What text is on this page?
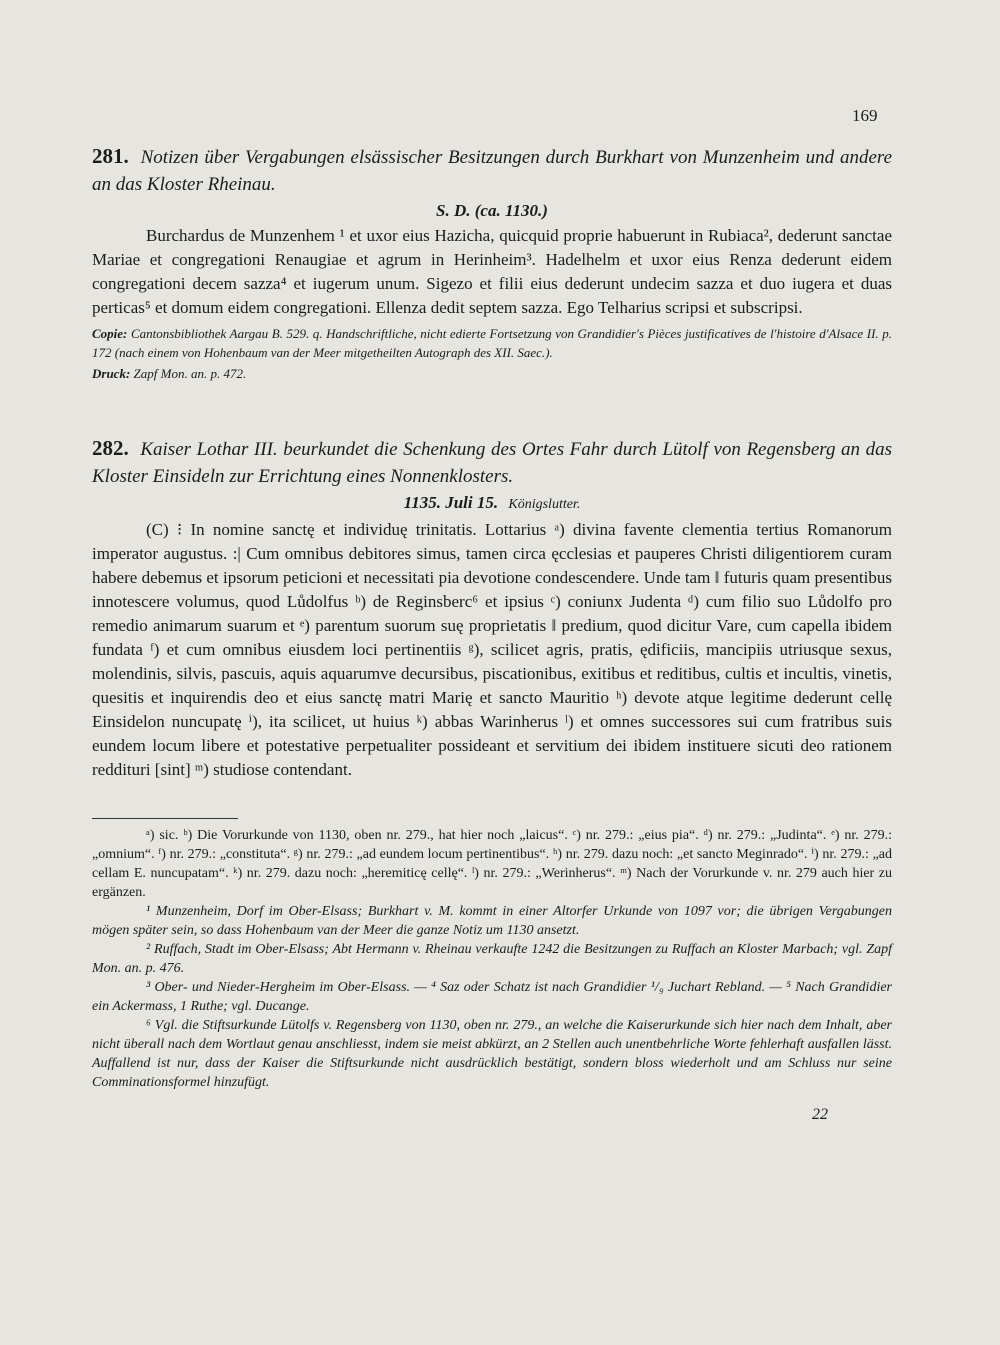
169
281. Notizen über Vergabungen elsässischer Besitzungen durch Burkhart von Munzenheim und andere an das Kloster Rheinau.
S. D. (ca. 1130.)

Burchardus de Munzenhem ¹ et uxor eius Hazicha, quicquid proprie habuerunt in Rubiaca², dederunt sanctae Mariae et congregationi Renaugiae et agrum in Herinheim³. Hadelhelm et uxor eius Renza dederunt eidem congregationi decem sazza⁴ et iugerum unum. Sigezo et filii eius dederunt undecim sazza et duo iugera et duas perticas⁵ et domum eidem congregationi. Ellenza dedit septem sazza. Ego Telharius scripsi et subscripsi.

Copie: Cantonsbibliothek Aargau B. 529. q. Handschriftliche, nicht edierte Fortsetzung von Grandidier's Pièces justificatives de l'histoire d'Alsace II. p. 172 (nach einem von Hohenbaum van der Meer mitgetheilten Autograph des XII. Saec.).
Druck: Zapf Mon. an. p. 472.
282. Kaiser Lothar III. beurkundet die Schenkung des Ortes Fahr durch Lütolf von Regensberg an das Kloster Einsideln zur Errichtung eines Nonnenklosters.
1135. Juli 15. Königslutter.

(C) ⁝ In nomine sanctę et individuę trinitatis. Lottarius ᵃ) divina favente clementia tertius Romanorum imperator augustus. :| Cum omnibus debitores simus, tamen circa ęcclesias et pauperes Christi diligentiorem curam habere debemus et ipsorum peticioni et necessitati pia devotione condescendere. Unde tam ‖ futuris quam presentibus innotescere volumus, quod Lůdolfus ᵇ) de Reginsberc⁶ et ipsius ᶜ) coniunx Judenta ᵈ) cum filio suo Lůdolfo pro remedio animarum suarum et ᵉ) parentum suorum suę proprietatis ‖ predium, quod dicitur Vare, cum capella ibidem fundata ᶠ) et cum omnibus eiusdem loci pertinentiis ᵍ), scilicet agris, pratis, ędificiis, mancipiis utriusque sexus, molendinis, silvis, pascuis, aquis aquarumve decursibus, piscationibus, exitibus et reditibus, cultis et incultis, vinetis, quesitis et inquirendis deo et eius sanctę matri Marię et sancto Mauritio ʰ) devote atque legitime dederunt cellę Einsidelon nuncupatę ⁱ), ita scilicet, ut huius ᵏ) abbas Warinherus ˡ) et omnes successores sui cum fratribus suis eundem locum libere et potestative perpetualiter possideant et servitium dei ibidem instituere sicuti deo rationem redditurі [sint] ᵐ) studiose contendant.

ᵃ) sic. ᵇ) Die Vorurkunde von 1130, oben nr. 279., hat hier noch „laicus“. ᶜ) nr. 279.: „eius pia“. ᵈ) nr. 279.: „Judinta“. ᵉ) nr. 279.: „omnium“. ᶠ) nr. 279.: „constituta“. ᵍ) nr. 279.: „ad eundem locum pertinentibus“. ʰ) nr. 279. dazu noch: „et sancto Meginrado“. ⁱ) nr. 279.: „ad cellam E. nuncupatam“. ᵏ) nr. 279. dazu noch: „heremiticę cellę“. ˡ) nr. 279.: „Werinherus“. ᵐ) Nach der Vorurkunde v. nr. 279 auch hier zu ergänzen.

¹ Munzenheim, Dorf im Ober-Elsass; Burkhart v. M. kommt in einer Altorfer Urkunde von 1097 vor; die übrigen Vergabungen mögen später sein, so dass Hohenbaum van der Meer die ganze Notiz um 1130 ansetzt.

² Ruffach, Stadt im Ober-Elsass; Abt Hermann v. Rheinau verkaufte 1242 die Besitzungen zu Ruffach an Kloster Marbach; vgl. Zapf Mon. an. p. 476.

³ Ober- und Nieder-Hergheim im Ober-Elsass. — ⁴ Saz oder Schatz ist nach Grandidier ¹/₉ Juchart Rebland. — ⁵ Nach Grandidier ein Ackermass, 1 Ruthe; vgl. Ducange.

⁶ Vgl. die Stiftsurkunde Lütolfs v. Regensberg von 1130, oben nr. 279., an welche die Kaiserurkunde sich hier nach dem Inhalt, aber nicht überall nach dem Wortlaut genau anschliesst, indem sie meist abkürzt, an 2 Stellen auch unentbehrliche Worte fehlerhaft ausfallen lässt. Auffallend ist nur, dass der Kaiser die Stiftsurkunde nicht ausdrücklich bestätigt, sondern bloss wiederholt und am Schluss nur seine Comminationsformel hinzufügt.

22
